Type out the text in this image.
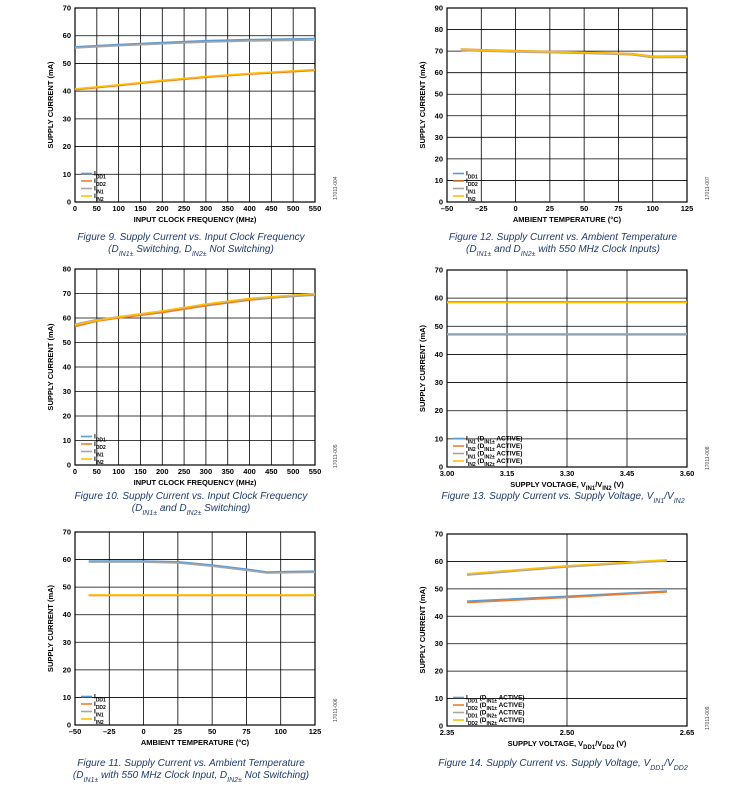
0 50 100 150 200 250 300 350 400 450 500 550
0
10
20
30
40
50
60
70
INPUT CLOCK FREQUENCY (MHz)
SUPPLY CURRENT (mA)
$I_{DD1}$
$I_{DD2}$
$I_{IN1}$
$I_{IN2}$	17011-004
Figure 9. Supply Current vs. Input Clock Frequency
($D_{IN1\pm}$ Switching, $D_{IN2\pm}$ Not Switching)
–50	–25	0	25	50	75	100	125
0
10
20
30
40
50
60
70
80
90
AMBIENT TEMPERATURE (°C)
SUPPLY CURRENT (mA)
$I_{DD1}$
$I_{DD2}$
$I_{IN1}$
$I_{IN2}$	17011-007
Figure 12. Supply Current vs. Ambient Temperature
($D_{IN1\pm}$ and $D_{IN2\pm}$ with 550 MHz Clock Inputs)
0 50 100 150 200 250 300 350 400 450 500 550
0
10
20
30
40
50
60
70
80
INPUT CLOCK FREQUENCY (MHz)
SUPPLY CURRENT (mA)
$I_{DD1}$
$I_{DD2}$
$I_{IN1}$
$I_{IN2}$	17011-005
Figure 10. Supply Current vs. Input Clock Frequency
($D_{IN1\pm}$ and $D_{IN2\pm}$ Switching)
3.00	3.15	3.30	3.45	3.60
0
10
20
30
40
50
60
70
SUPPLY VOLTAGE, $V_{IN1}/V_{IN2}$ (V)
SUPPLY CURRENT (mA)
$I_{IN1}$ ($D_{IN1\pm}$ ACTIVE)
$I_{IN2}$ ($D_{IN1\pm}$ ACTIVE)
$I_{IN1}$ ($D_{IN2\pm}$ ACTIVE)
$I_{IN2}$ ($D_{IN2\pm}$ ACTIVE)	17011-008
Figure 13. Supply Current vs. Supply Voltage, $V_{IN1}/V_{IN2}$
–50	–25	0	25	50	75	100	125
0
10
20
30
40
50
60
70
AMBIENT TEMPERATURE (°C)
SUPPLY CURRENT (mA)
$I_{DD1}$
$I_{DD2}$
$I_{IN1}$
$I_{IN2}$
17011-006
Figure 11. Supply Current vs. Ambient Temperature
($D_{IN1\pm}$ with 550 MHz Clock Input, $D_{IN2\pm}$ Not Switching)
2.35	2.50	2.65
0
10
20
30
40
50
60
70
SUPPLY VOLTAGE, $V_{DD1}/V_{DD2}$ (V)
SUPPLY CURRENT (mA)
$I_{DD1}$ ($D_{IN1\pm}$ ACTIVE)
$I_{DD2}$ ($D_{IN1\pm}$ ACTIVE)
$I_{DD1}$ ($D_{IN2\pm}$ ACTIVE)
$I_{DD2}$ ($D_{IN2\pm}$ ACTIVE)	17011-009
Figure 14. Supply Current vs. Supply Voltage, $V_{DD1}/V_{DD2}$
